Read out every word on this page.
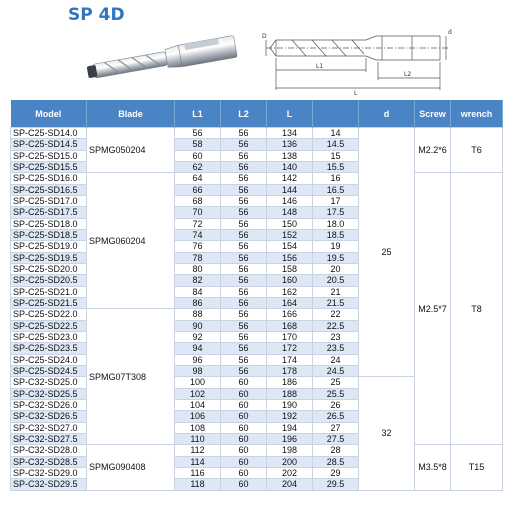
SP 4D
D
d
L1
L2
L
Model	Blade	L1	L2	L		d	Screw	wrench
SP-C25-SD14.0	SPMG050204	56	56	134	14	25	M2.2*6	T6
SP-C25-SD14.5		58	56	136	14.5			
SP-C25-SD15.0		60	56	138	15			
SP-C25-SD15.5		62	56	140	15.5			
SP-C25-SD16.0	SPMG060204	64	56	142	16		M2.5*7	T8
SP-C25-SD16.5		66	56	144	16.5			
SP-C25-SD17.0		68	56	146	17			
SP-C25-SD17.5		70	56	148	17.5			
SP-C25-SD18.0		72	56	150	18.0			
SP-C25-SD18.5		74	56	152	18.5			
SP-C25-SD19.0		76	56	154	19			
SP-C25-SD19.5		78	56	156	19.5			
SP-C25-SD20.0		80	56	158	20			
SP-C25-SD20.5		82	56	160	20.5			
SP-C25-SD21.0		84	56	162	21			
SP-C25-SD21.5		86	56	164	21.5			
SP-C25-SD22.0	SPMG07T308	88	56	166	22			
SP-C25-SD22.5		90	56	168	22.5			
SP-C25-SD23.0		92	56	170	23			
SP-C25-SD23.5		94	56	172	23.5			
SP-C25-SD24.0		96	56	174	24			
SP-C25-SD24.5		98	56	178	24.5			
SP-C32-SD25.0		100	60	186	25	32		
SP-C32-SD25.5		102	60	188	25.5			
SP-C32-SD26.0		104	60	190	26			
SP-C32-SD26.5		106	60	192	26.5			
SP-C32-SD27.0		108	60	194	27			
SP-C32-SD27.5		110	60	196	27.5			
SP-C32-SD28.0	SPMG090408	112	60	198	28		M3.5*8	T15
SP-C32-SD28.5		114	60	200	28.5			
SP-C32-SD29.0		116	60	202	29			
SP-C32-SD29.5		118	60	204	29.5			
